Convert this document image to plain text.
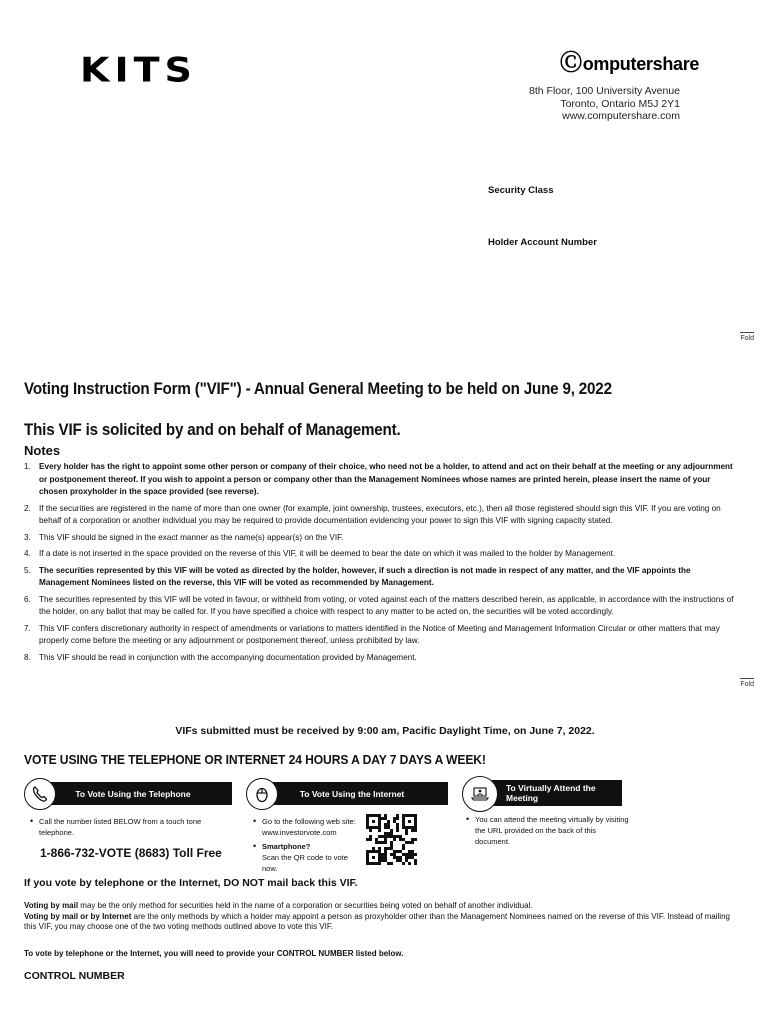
KITS	Ⓒomputershare
8th Floor, 100 University Avenue
Toronto, Ontario M5J 2Y1
www.computershare.com
Security Class
Holder Account Number
Fold
Voting Instruction Form ("VIF") - Annual General Meeting to be held on June 9, 2022
This VIF is solicited by and on behalf of Management.
Notes
1. Every holder has the right to appoint some other person or company of their choice, who need not be a holder, to attend and act on their behalf at the meeting or any adjournment or postponement thereof. If you wish to appoint a person or company other than the Management Nominees whose names are printed herein, please insert the name of your chosen proxyholder in the space provided (see reverse).
2. If the securities are registered in the name of more than one owner (for example, joint ownership, trustees, executors, etc.), then all those registered should sign this VIF. If you are voting on behalf of a corporation or another individual you may be required to provide documentation evidencing your power to sign this VIF with signing capacity stated.
3. This VIF should be signed in the exact manner as the name(s) appear(s) on the VIF.
4. If a date is not inserted in the space provided on the reverse of this VIF, it will be deemed to bear the date on which it was mailed to the holder by Management.
5. The securities represented by this VIF will be voted as directed by the holder, however, if such a direction is not made in respect of any matter, and the VIF appoints the Management Nominees listed on the reverse, this VIF will be voted as recommended by Management.
6. The securities represented by this VIF will be voted in favour, or withheld from voting, or voted against each of the matters described herein, as applicable, in accordance with the instructions of the holder, on any ballot that may be called for. If you have specified a choice with respect to any matter to be acted on, the securities will be voted accordingly.
7. This VIF confers discretionary authority in respect of amendments or variations to matters identified in the Notice of Meeting and Management Information Circular or other matters that may properly come before the meeting or any adjournment or postponement thereof, unless prohibited by law.
8. This VIF should be read in conjunction with the accompanying documentation provided by Management.
Fold
VIFs submitted must be received by 9:00 am, Pacific Daylight Time, on June 7, 2022.
VOTE USING THE TELEPHONE OR INTERNET 24 HOURS A DAY 7 DAYS A WEEK!
To Vote Using the Telephone
• Call the number listed BELOW from a touch tone telephone.
1-866-732-VOTE (8683) Toll Free
To Vote Using the Internet
• Go to the following web site:
www.investorvote.com
• Smartphone?
Scan the QR code to vote now.
To Virtually Attend the Meeting
• You can attend the meeting virtually by visiting the URL provided on the back of this document.
If you vote by telephone or the Internet, DO NOT mail back this VIF.
Voting by mail may be the only method for securities held in the name of a corporation or securities being voted on behalf of another individual.
Voting by mail or by Internet are the only methods by which a holder may appoint a person as proxyholder other than the Management Nominees named on the reverse of this VIF. Instead of mailing this VIF, you may choose one of the two voting methods outlined above to vote this VIF.
To vote by telephone or the Internet, you will need to provide your CONTROL NUMBER listed below.
CONTROL NUMBER
